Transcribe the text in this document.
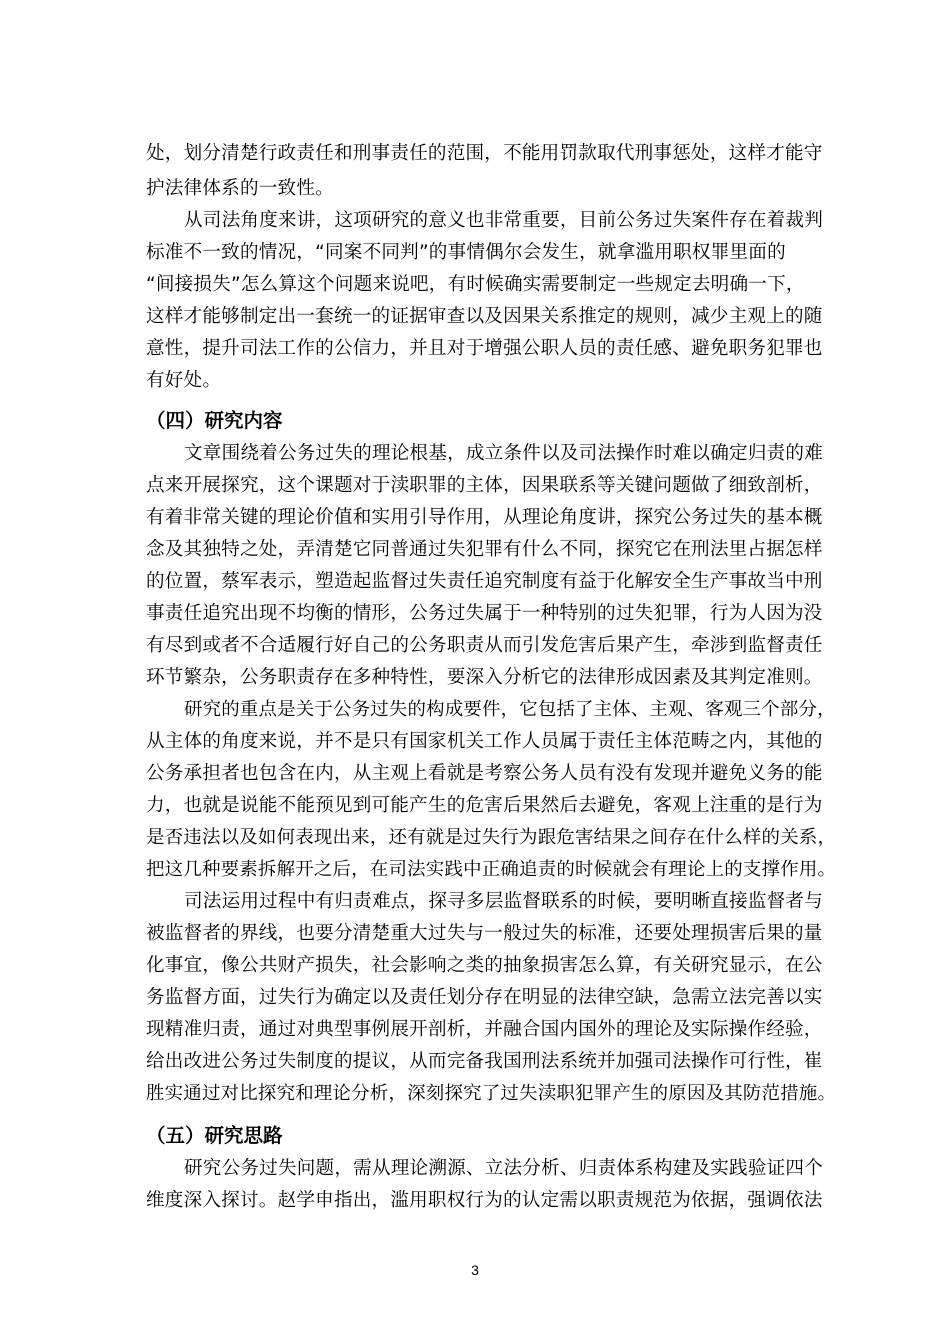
处，划分清楚行政责任和刑事责任的范围，不能用罚款取代刑事惩处，这样才能守
护法律体系的一致性。
从司法角度来讲，这项研究的意义也非常重要，目前公务过失案件存在着裁判
标准不一致的情况，“同案不同判”的事情偶尔会发生，就拿滥用职权罪里面的
“间接损失”怎么算这个问题来说吧，有时候确实需要制定一些规定去明确一下，
这样才能够制定出一套统一的证据审查以及因果关系推定的规则，减少主观上的随
意性，提升司法工作的公信力，并且对于增强公职人员的责任感、避免职务犯罪也
有好处。
（四）研究内容
文章围绕着公务过失的理论根基，成立条件以及司法操作时难以确定归责的难
点来开展探究，这个课题对于渎职罪的主体，因果联系等关键问题做了细致剖析，
有着非常关键的理论价值和实用引导作用，从理论角度讲，探究公务过失的基本概
念及其独特之处，弄清楚它同普通过失犯罪有什么不同，探究它在刑法里占据怎样
的位置，蔡军表示，塑造起监督过失责任追究制度有益于化解安全生产事故当中刑
事责任追究出现不均衡的情形，公务过失属于一种特别的过失犯罪，行为人因为没
有尽到或者不合适履行好自己的公务职责从而引发危害后果产生，牵涉到监督责任
环节繁杂，公务职责存在多种特性，要深入分析它的法律形成因素及其判定准则。
研究的重点是关于公务过失的构成要件，它包括了主体、主观、客观三个部分，
从主体的角度来说，并不是只有国家机关工作人员属于责任主体范畴之内，其他的
公务承担者也包含在内，从主观上看就是考察公务人员有没有发现并避免义务的能
力，也就是说能不能预见到可能产生的危害后果然后去避免，客观上注重的是行为
是否违法以及如何表现出来，还有就是过失行为跟危害结果之间存在什么样的关系，
把这几种要素拆解开之后，在司法实践中正确追责的时候就会有理论上的支撑作用。
司法运用过程中有归责难点，探寻多层监督联系的时候，要明晰直接监督者与
被监督者的界线，也要分清楚重大过失与一般过失的标准，还要处理损害后果的量
化事宜，像公共财产损失，社会影响之类的抽象损害怎么算，有关研究显示，在公
务监督方面，过失行为确定以及责任划分存在明显的法律空缺，急需立法完善以实
现精准归责，通过对典型事例展开剖析，并融合国内国外的理论及实际操作经验，
给出改进公务过失制度的提议，从而完备我国刑法系统并加强司法操作可行性，崔
胜实通过对比探究和理论分析，深刻探究了过失渎职犯罪产生的原因及其防范措施。
（五）研究思路
研究公务过失问题，需从理论溯源、立法分析、归责体系构建及实践验证四个
维度深入探讨。赵学申指出，滥用职权行为的认定需以职责规范为依据，强调依法
3
